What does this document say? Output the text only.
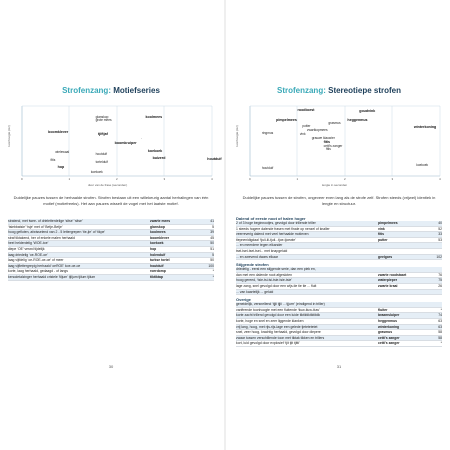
Strofenzang: Motiefseries
toonhoogte (Hz)
duur van de frase (seconden)
glanskop
grote mees
koolmees
boomklever
tjiftjaf
boomkruiper
wielewaal
houtduif
tortelduif
fitis
koekoek
koekoek
hop
buizerd	houtduif
·
0	1	2	3	4
Duidelijke pauzes tussen de herhaalde strofen. Strofen bestaan uit een willekeurig aantal herhalingen van één motief (motiefreeks). Het aan pauzes wisselt de vogel met het laatste motief.
stratend, met twee- of drieletterdelige ‘sitse’ ‘sitse’	zwarte mees	41
‘tsiebbatsie’ ‘tsje’ met of ‘Betje-Betje’	glanskop	5
hoog gefloten, afwisselend van 2 - 5 lettergrepen ‘tie-jie’ of ‘tikpe’	koolmees	39
straf tiktakend, her of enkele malen herhaald	boomklever	45
heel helderdelig ‘WOE-toe’	koekoek	50
diepe ‘OE’ verwd tijdelijk	hop	51
laag driedelig ‘oe-ROE-oe’	holenduif	5
laag vijfdelig ‘oe-ROE-oe-oe’ of meer	turkse tortel	50
laag vijflettergrepig herhaald ‘oeROE’ koe-oe-oe	houtduif	100
korte, laag herhaald, gedaagd - of langs	roerdomp	*
kenodetalzinger herhaald cristele 'tiljum' tjiljum tjilum tjilum	tiktiktap	*
30
Strofenzang: Stereotiepe strofen
toonhoogte (Hz)
lengte in seconden
roodborst	goudvink
pimpelmees	heggenmus
grasmus
winterkoning
putter
zwartkopmees
ringmus	vink
grauwe klauwier
fitis
cetti's zanger
fitis
houtduif
koekoek
0	1	2	3	4
Duidelijke pauzes tussen de strofen, ongeveer even lang als de strofe zelf. Strofen steeds (vrijwel) identiek in lengte en structuur.
Dalend of eerste noot of halen hoger
2 of 3 hoge beginnootjes, gevolgd door trillende triller	pimpelmees	40
1 steeds hogere dalende frasen met finale op nenzel of knaller	vink	52
veerreverig dalend met veel herhaalde motieven	fitis	33
tiepnenidigdaal ‘tjuii-iii-tjuii...tjoe-tjoewie’	putter	53
... en meerdere tegen elkander
tsei-tsei-tsei-tsei... met knapgeluid
... en zwevend dwars elkaar	geelgors	102
Stijgende strofen
driedelig - eerst een stijgende serie, dan een piek en,
dan met een dalende noot afgesloten	zwarte roodstaart	76
hoog gereed, ‘tsie-tsi-tsi-tsie-tsie-tsie’	waterpieper	75
lage zang, snel gevolgd door een wijs-tie tie tie ... fluit	zwarte kraai	26
... van kaartelijk ... geluid
Overige
geneidelijk, versnellend ‘tjjii tjjii ... tjjurrr’ (eindigend in triller)
variërende toonhoogte met een fluitende ‘tiuw-tiuw-tiuw’	fluiter	*
korte zacht trillend gevolgd door een luide tiktiktiktiktiktik	braamsluiper	74
korte, hoge en snel en zeer liggende klanken	heggenmus	63
vrij lang, hoog, met rijs-rijs-lage een gelede tjetetetetet	winterkoning	63
snel, zeer hoog, krachtig herhaald, gevolgd door diepere	grasmus	58
zwaar tussen verschillende toon met tiktak tikken en trillers	cetti's zanger	58
kort, luid gevolgd door explosief ‘tjit tjit tjitti’	cetti's zanger	*
31
